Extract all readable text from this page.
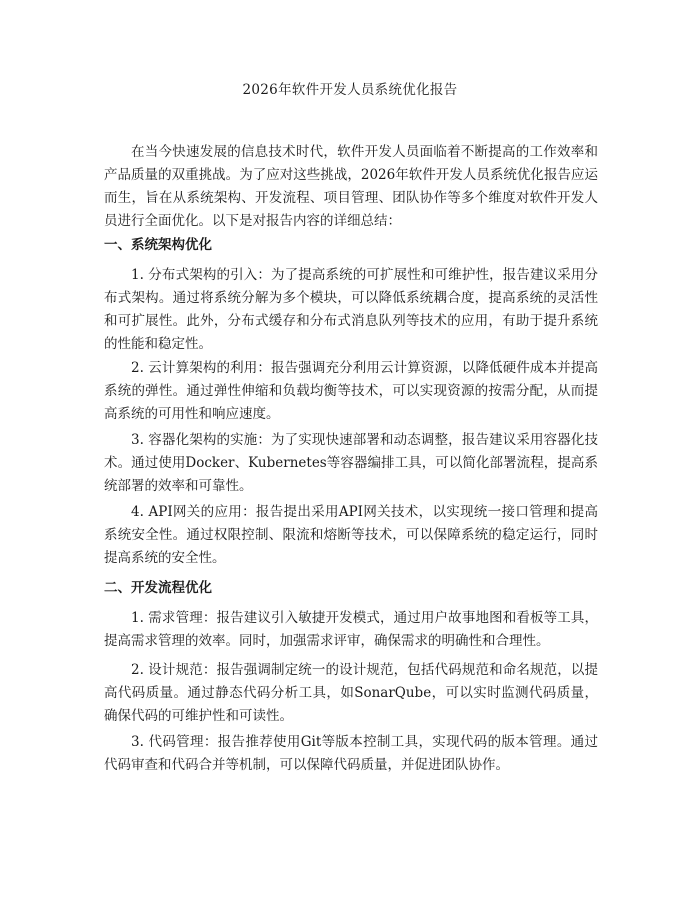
2026年软件开发人员系统优化报告

在当今快速发展的信息技术时代，软件开发人员面临着不断提高的工作效率和产品质量的双重挑战。为了应对这些挑战，2026年软件开发人员系统优化报告应运而生，旨在从系统架构、开发流程、项目管理、团队协作等多个维度对软件开发人员进行全面优化。以下是对报告内容的详细总结：

一、系统架构优化

1. 分布式架构的引入：为了提高系统的可扩展性和可维护性，报告建议采用分布式架构。通过将系统分解为多个模块，可以降低系统耦合度，提高系统的灵活性和可扩展性。此外，分布式缓存和分布式消息队列等技术的应用，有助于提升系统的性能和稳定性。

2. 云计算架构的利用：报告强调充分利用云计算资源，以降低硬件成本并提高系统的弹性。通过弹性伸缩和负载均衡等技术，可以实现资源的按需分配，从而提高系统的可用性和响应速度。

3. 容器化架构的实施：为了实现快速部署和动态调整，报告建议采用容器化技术。通过使用Docker、Kubernetes等容器编排工具，可以简化部署流程，提高系统部署的效率和可靠性。

4. API网关的应用：报告提出采用API网关技术，以实现统一接口管理和提高系统安全性。通过权限控制、限流和熔断等技术，可以保障系统的稳定运行，同时提高系统的安全性。

二、开发流程优化

1. 需求管理：报告建议引入敏捷开发模式，通过用户故事地图和看板等工具，提高需求管理的效率。同时，加强需求评审，确保需求的明确性和合理性。

2. 设计规范：报告强调制定统一的设计规范，包括代码规范和命名规范，以提高代码质量。通过静态代码分析工具，如SonarQube，可以实时监测代码质量，确保代码的可维护性和可读性。

3. 代码管理：报告推荐使用Git等版本控制工具，实现代码的版本管理。通过代码审查和代码合并等机制，可以保障代码质量，并促进团队协作。
